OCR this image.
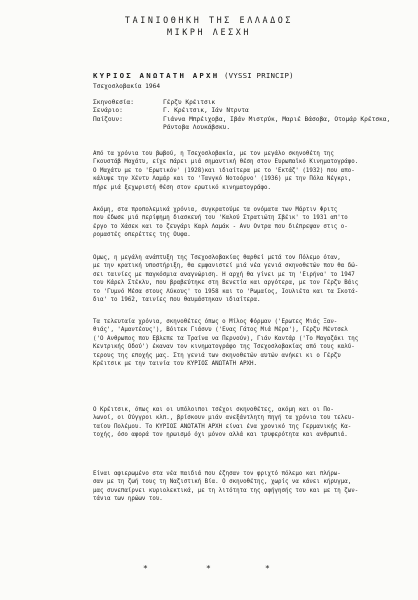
ΤΑΙΝΙΟΘΗΚΗ ΤΗΣ ΕΛΛΑΔΟΣ
ΜΙΚΡΗ ΛΕΣΧΗ
ΚΥΡΙΟΣ ΑΝΩΤΑΤΗ ΑΡΧΗ (VYSSI PRINCIP)
Τσεχοσλοβακία 1964
Σκηνοθεσία:	Γέρζυ Κρέιτσικ
Σενάριο:	Γ. Κρέιτσικ, Ιάν Ντρντα
Παίζουν:	Γιάννα Μπρέιχοβα, Ιβάν Μιστρύκ, Μαριέ Βάσοβα, Οτομάρ Κρέτσκα,
Ράντοβα Λουκάβσκυ.
Από τα χρόνια του βωβού, η Τσεχοσλοβακία, με τον μεγάλο σκηνοθέτη της
Γκουστάβ Μαχάτυ, είχε πάρει μιά σημαντική θέση στον Ευρωπαϊκό Κινηματογράφο.
Ο Μαχάτυ με το 'Ερωτικόν' (1928)και ιδιαίτερα με το 'Εκτάζ' (1932) που απο-
κάλυψε την Χέντυ Λαμάρ και το 'Τανγκό Νοτοόρνο' (1936) με την Πόλα Νέγκρι,
πήρε μιά ξεχωριστή θέση στον ερωτικό κινηματογράφο.
Ακόμη, στα προπολεμικά χρόνια, συγκρατούμε τα ονόματα των Μάρτιν Φριτς
που έδωσε μιά περίφημη διασκευή του 'Καλού Στρατιώτη Σβέικ' το 1931 απ'το
έργο το Χάσεκ και το ζευγάρι Καρλ Λαμάκ - Ανυ Οντρα που διέπρεψαν στις ο-
ρομαστές οπερέττες της Ουφα.
Ομως, η μεγάλη ανάπτυξη της Τσεχοσλοβακίας θαρθεί μετά τον Πόλεμο όταν,
με την κρατική υποστήριξη, θα εμφανιστεί μιά νέα γενιά σκηνοθετών που θα δώ-
σει ταινίες με παγκόσμια αναγνώριση. Η αρχή θα γίνει με τη 'Ειρήνα' το 1947
του Κάρελ Στέκλυ, που βραβεύτηκε στη Βενετία και αργότερα, με τον Γέρζυ Βάις
το 'Γυμνό Μέσα στους Λύκους' το 1958 και το 'Ρωμαίος, Ιουλιέτα και τα Σκοτά-
δια' το 1962, ταινίες που θαυμάστηκαν ιδιαίτερα.
Τα τελευταία χρόνια, σκηνοθέτες όπως ο Μίλος Φόρμαν ('Ερωτες Μιάς Ξαν-
θιάς', 'Αμαντέους'), Βόιτεκ Γιάσνυ ('Ενας Γάτος Μιά Μέρα'), Γέρζυ Μέντσελ
('Ο Ανθρωπος που Εβλεπε τα Τραίνα να Περνούν), Γιάν Καντάρ ('Το Μαγαζάκι της
Κεντρικής Οδού') έκαναν τον κινηματογράφο της Τσεχοσλοβακίας από τους καλύ-
τερους της εποχής μας. Στη γενιά των σκηνοθετών αυτών ανήκει κι ο Γέρζυ
Κρέιτσικ με την ταινία του ΚΥΡΙΟΣ ΑΝΩΤΑΤΗ ΑΡΧΗ.
Ο Κρέιτσικ, όπως και οι υπόλοιποι τσέχοι σκηνοθέτες, ακόμη και οι Πο-
λωνοί, οι Ούγγροι κλπ., βρίσκουν μιάν ανεξάντλητη πηγή τα χρόνια του τελευ-
ταίου Πολέμου. Το ΚΥΡΙΟΣ ΑΝΩΤΑΤΗ ΑΡΧΗ είναι ένα χρονικό της Γερμανικής Κα-
τοχής, όσο αφορά τον ηρωισμό όχι μόνον αλλά και τρυφερότητα και ανθρωπιά.
Είναι αφιερωμένο στα νέα παιδιά που έζησαν τον φριχτό πόλεμο και πλήρω-
σαν με τη ζωή τους τη Ναζιστική Βία. Ο σκηνοθέτης, χωρίς να κάνει κήρυγμα,
μας συνεπαίρνει κυριολεκτικά, με τη λιτότητα της αφήγησής του και με τη ζων-
τάνια των ηρώων του.
*	*	*
